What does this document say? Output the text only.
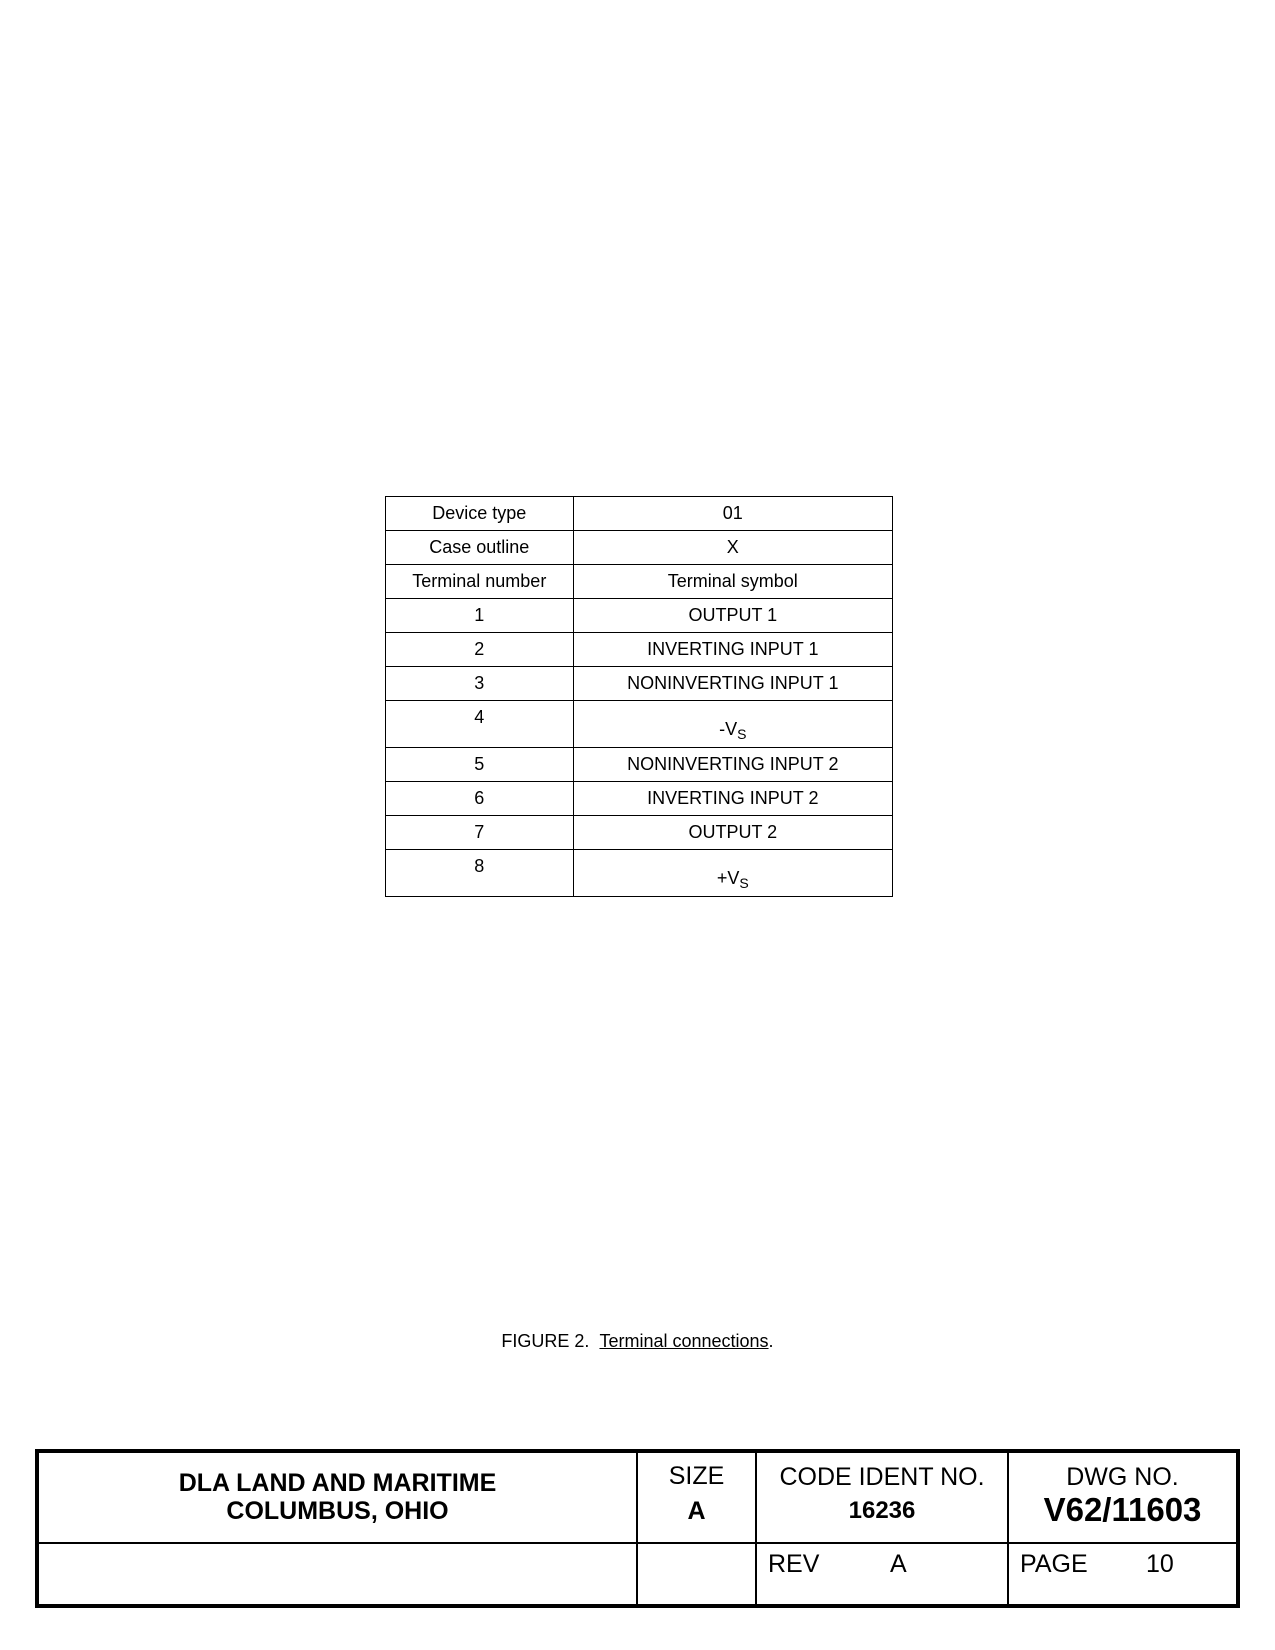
Device type	01
Case outline	X
Terminal number	Terminal symbol
1	OUTPUT 1
2	INVERTING INPUT 1
3	NONINVERTING INPUT 1
4	$-V_S$
5	NONINVERTING INPUT 2
6	INVERTING INPUT 2
7	OUTPUT 2
8	$+V_S$
FIGURE 2. Terminal connections.
DLA LAND AND MARITIME
COLUMBUS, OHIO
SIZE
A
CODE IDENT NO.
16236
DWG NO.
V62/11603
REV	A	PAGE 10
